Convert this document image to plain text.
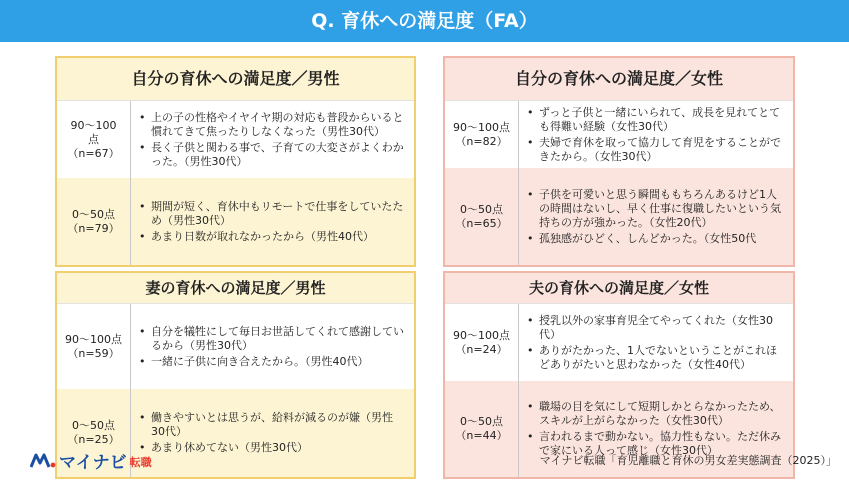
Q. 育休への満足度（FA）
自分の育休への満足度／男性
90～100
点
（n=67）
• 上の子の性格やイヤイヤ期の対応も普段からいると慣れてきて焦ったりしなくなった（男性30代）
• 長く子供と関わる事で、子育ての大変さがよくわかった。（男性30代）
0～50点
（n=79）
• 期間が短く、育休中もリモートで仕事をしていたため（男性30代）
• あまり日数が取れなかったから（男性40代）
自分の育休への満足度／女性
90～100点
（n=82）
• ずっと子供と一緒にいられて、成長を見れてとても得難い経験（女性30代）
• 夫婦で育休を取って協力して育児をすることができたから。（女性30代）
0～50点
（n=65）
• 子供を可愛いと思う瞬間ももちろんあるけど1人の時間はないし、早く仕事に復職したいという気持ちの方が強かった。（女性20代）
• 孤独感がひどく、しんどかった。（女性50代
妻の育休への満足度／男性
90～100点
（n=59）
• 自分を犠牲にして毎日お世話してくれて感謝しているから（男性30代）
• 一緒に子供に向き合えたから。（男性40代）
0～50点
（n=25）
• 働きやすいとは思うが、給料が減るのが嫌（男性30代）
• あまり休めてない（男性30代）
夫の育休への満足度／女性
90～100点
（n=24）
• 授乳以外の家事育児全てやってくれた（女性30代）
• ありがたかった、1人でないということがこれほどありがたいと思わなかった（女性40代）
0～50点
（n=44）
• 職場の目を気にして短期しかとらなかったため、スキルが上がらなかった（女性30代）
• 言われるまで動かない。協力性もない。ただ休みで家にいる人って感じ（女性30代）
マイナビ 転職	マイナビ転職「育児離職と育休の男女差実態調査（2025）」
